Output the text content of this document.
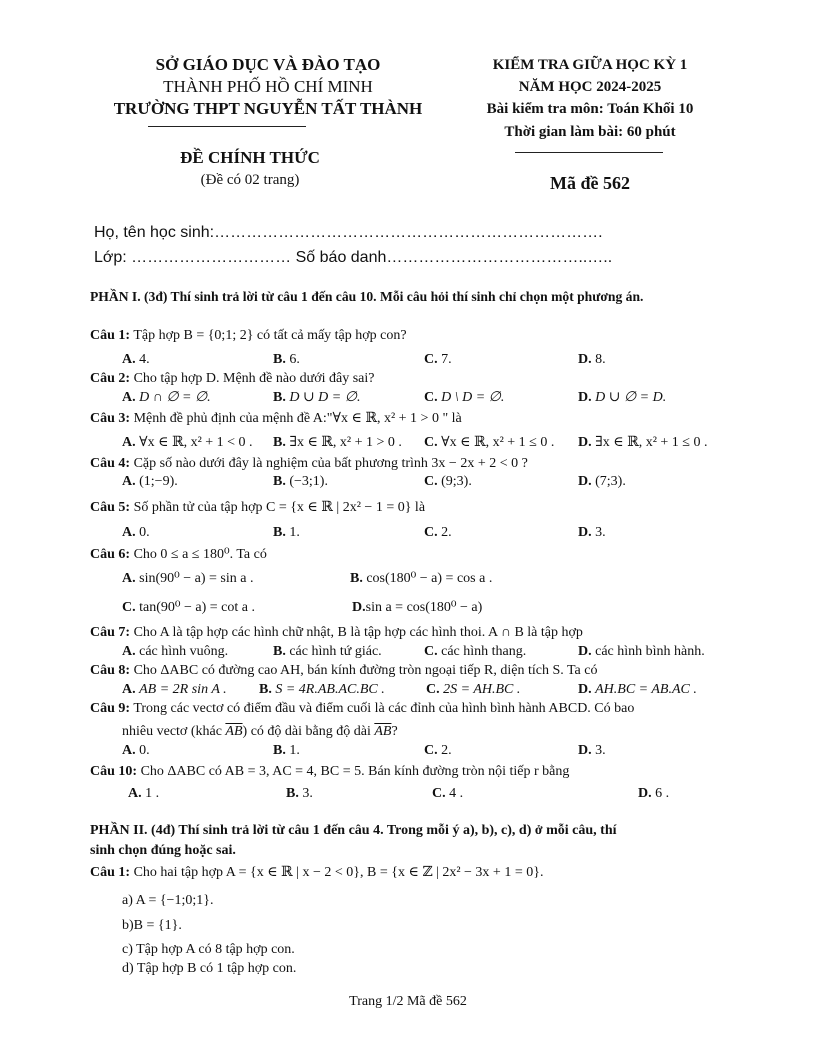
SỞ GIÁO DỤC VÀ ĐÀO TẠO
THÀNH PHỐ HỒ CHÍ MINH
TRƯỜNG THPT NGUYỄN TẤT THÀNH
ĐỀ CHÍNH THỨC
(Đề có 02 trang)
KIỂM TRA GIỮA HỌC KỲ 1
NĂM HỌC 2024-2025
Bài kiểm tra môn: Toán Khối 10
Thời gian làm bài: 60 phút
Mã đề 562
Họ, tên học sinh:……………………………………………………………….
Lớp: ………………………… Số báo danh………………………………..…..
PHẦN I. (3đ) Thí sinh trả lời từ câu 1 đến câu 10. Mỗi câu hỏi thí sinh chỉ chọn một phương án.
Câu 1: Tập hợp B = {0;1; 2} có tất cả mấy tập hợp con?
A. 4.	B. 6.	C. 7.	D. 8.
Câu 2: Cho tập hợp D. Mệnh đề nào dưới đây sai?
A. D ∩ ∅ = ∅.	B. D ∪ D = ∅.	C. D \ D = ∅.	D. D ∪ ∅ = D.
Câu 3: Mệnh đề phủ định của mệnh đề A:"∀x ∈ ℝ, x² + 1 > 0 " là
A. ∀x ∈ ℝ, x² + 1 < 0 . B. ∃x ∈ ℝ, x² + 1 > 0 . C. ∀x ∈ ℝ, x² + 1 ≤ 0 . D. ∃x ∈ ℝ, x² + 1 ≤ 0 .
Câu 4: Cặp số nào dưới đây là nghiệm của bất phương trình 3x − 2x + 2 < 0 ?
A. (1;−9).	B. (−3;1).	C. (9;3).	D. (7;3).
Câu 5: Số phần tử của tập hợp C = {x ∈ ℝ | 2x² − 1 = 0} là
A. 0.	B. 1.	C. 2.	D. 3.
Câu 6: Cho 0 ≤ a ≤ 180⁰. Ta có
A. sin(90⁰ − a) = sin a .	B. cos(180⁰ − a) = cos a .
C. tan(90⁰ − a) = cot a .	D.sin a = cos(180⁰ − a)
Câu 7: Cho A là tập hợp các hình chữ nhật, B là tập hợp các hình thoi. A ∩ B là tập hợp
A. các hình vuông.	B. các hình tứ giác.	C. các hình thang.	D. các hình bình hành.
Câu 8: Cho ΔABC có đường cao AH, bán kính đường tròn ngoại tiếp R, diện tích S. Ta có
A. AB = 2R sin A . B. S = 4R.AB.AC.BC .	C. 2S = AH.BC .	D. AH.BC = AB.AC .
Câu 9: Trong các vectơ có điểm đầu và điểm cuối là các đỉnh của hình bình hành ABCD. Có bao
nhiêu vectơ (khác $\overline{AB}$) có độ dài bằng độ dài $\overline{AB}$?
A. 0.	B. 1.	C. 2.	D. 3.
Câu 10: Cho ΔABC có AB = 3, AC = 4, BC = 5. Bán kính đường tròn nội tiếp r bằng
A. 1 .	B. 3.	C. 4 .	D. 6 .
PHẦN II. (4đ) Thí sinh trả lời từ câu 1 đến câu 4. Trong mỗi ý a), b), c), d) ở mỗi câu, thí
sinh chọn đúng hoặc sai.
Câu 1: Cho hai tập hợp A = {x ∈ ℝ | x − 2 < 0}, B = {x ∈ ℤ | 2x² − 3x + 1 = 0}.
a) A = {−1;0;1}.
b)B = {1}.
c) Tập hợp A có 8 tập hợp con.
d) Tập hợp B có 1 tập hợp con.
Trang 1/2 Mã đề 562
